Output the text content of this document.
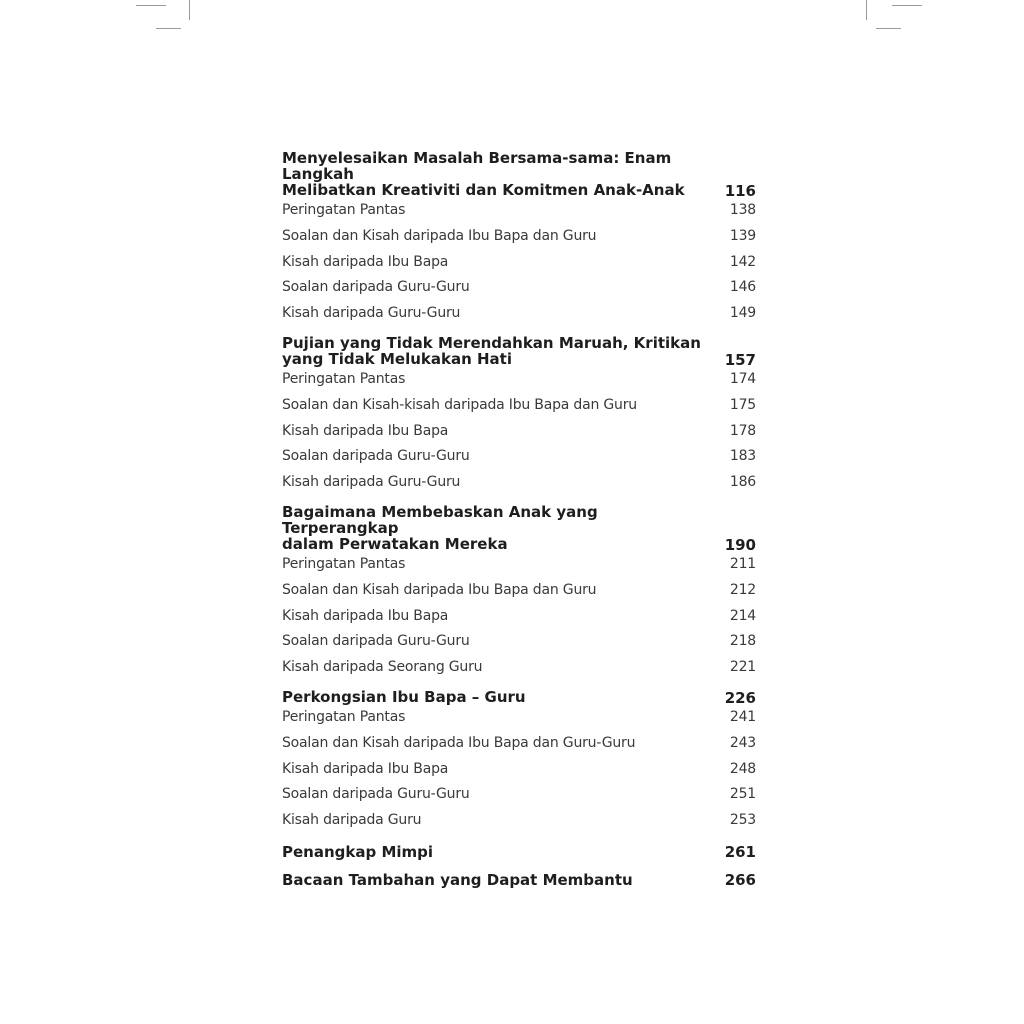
Menyelesaikan Masalah Bersama-sama: Enam Langkah
Melibatkan Kreativiti dan Komitmen Anak-Anak	116
Peringatan Pantas	138
Soalan dan Kisah daripada Ibu Bapa dan Guru	139
Kisah daripada Ibu Bapa	142
Soalan daripada Guru-Guru	146
Kisah daripada Guru-Guru	149
Pujian yang Tidak Merendahkan Maruah, Kritikan
yang Tidak Melukakan Hati	157
Peringatan Pantas	174
Soalan dan Kisah-kisah daripada Ibu Bapa dan Guru	175
Kisah daripada Ibu Bapa	178
Soalan daripada Guru-Guru	183
Kisah daripada Guru-Guru	186
Bagaimana Membebaskan Anak yang Terperangkap
dalam Perwatakan Mereka	190
Peringatan Pantas	211
Soalan dan Kisah daripada Ibu Bapa dan Guru	212
Kisah daripada Ibu Bapa	214
Soalan daripada Guru-Guru	218
Kisah daripada Seorang Guru	221
Perkongsian Ibu Bapa – Guru	226
Peringatan Pantas	241
Soalan dan Kisah daripada Ibu Bapa dan Guru-Guru	243
Kisah daripada Ibu Bapa	248
Soalan daripada Guru-Guru	251
Kisah daripada Guru	253
Penangkap Mimpi	261
Bacaan Tambahan yang Dapat Membantu	266
